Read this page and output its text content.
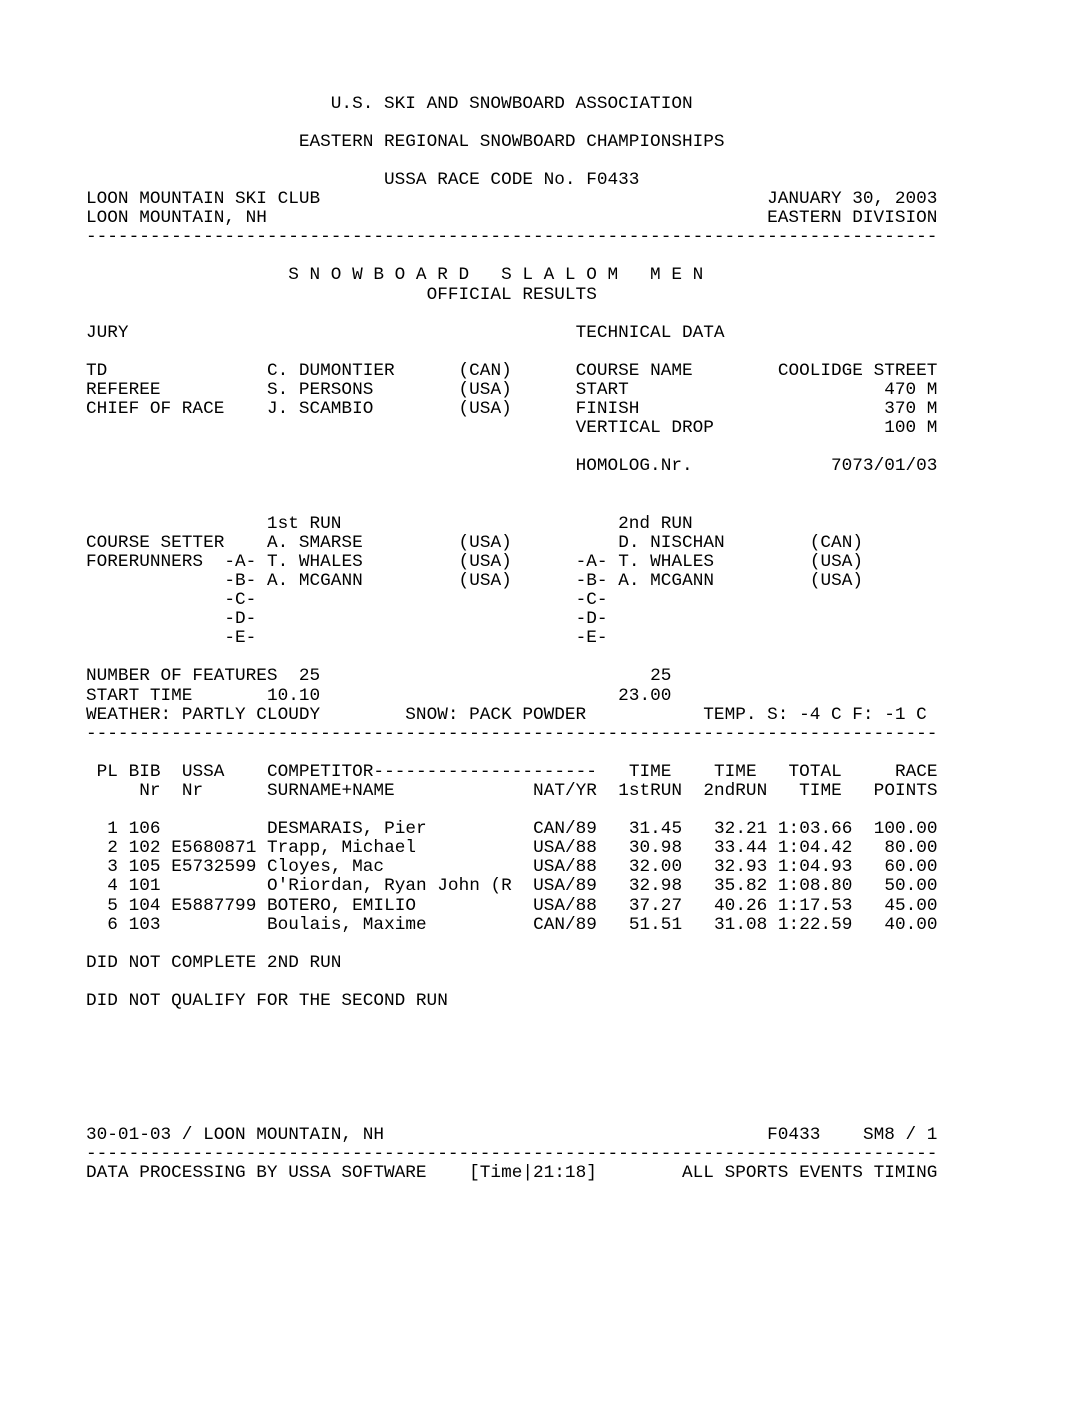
U.S. SKI AND SNOWBOARD ASSOCIATION
EASTERN REGIONAL SNOWBOARD CHAMPIONSHIPS
USSA RACE CODE No. F0433
LOON MOUNTAIN SKI CLUB	JANUARY 30, 2003
LOON MOUNTAIN, NH	EASTERN DIVISION
--------------------------------------------------------------------------------
S N O W B O A R D   S L A L O M   M E N
OFFICIAL RESULTS
JURY	TECHNICAL DATA
TD	C. DUMONTIER	(CAN)	COURSE NAME	COOLIDGE STREET
REFEREE	S. PERSONS	(USA)	START	470 M
CHIEF OF RACE J. SCAMBIO	(USA)	FINISH	370 M
VERTICAL DROP	100 M
HOMOLOG.Nr.	7073/01/03
1st RUN	2nd RUN
COURSE SETTER A. SMARSE	(USA)	D. NISCHAN	(CAN)
FORERUNNERS -A- T. WHALES	(USA)	-A- T. WHALES	(USA)
-B- A. MCGANN	(USA)	-B- A. MCGANN	(USA)
-C-	-C-
-D-	-D-
-E-	-E-
NUMBER OF FEATURES 25	25
START TIME	10.10	23.00
WEATHER: PARTLY CLOUDY	SNOW: PACK POWDER	TEMP. S: -4 C F: -1 C
--------------------------------------------------------------------------------
PL BIB USSA COMPETITOR--------------------- TIME TIME TOTAL	RACE
Nr Nr	SURNAME+NAME	NAT/YR 1stRUN 2ndRUN TIME POINTS
1 106	DESMARAIS, Pier	CAN/89 31.45 32.21 1:03.66 100.00
2 102 E5680871 Trapp, Michael	USA/88 30.98 33.44 1:04.42 80.00
3 105 E5732599 Cloyes, Mac	USA/88 32.00 32.93 1:04.93 60.00
4 101	O'Riordan, Ryan John (R USA/89 32.98 35.82 1:08.80 50.00
5 104 E5887799 BOTERO, EMILIO	USA/88 37.27 40.26 1:17.53 45.00
6 103	Boulais, Maxime	CAN/89 51.51 31.08 1:22.59 40.00
DID NOT COMPLETE 2ND RUN
DID NOT QUALIFY FOR THE SECOND RUN
30-01-03 / LOON MOUNTAIN, NH	F0433 SM8 / 1
--------------------------------------------------------------------------------
DATA PROCESSING BY USSA SOFTWARE [Time|21:18]	ALL SPORTS EVENTS TIMING
